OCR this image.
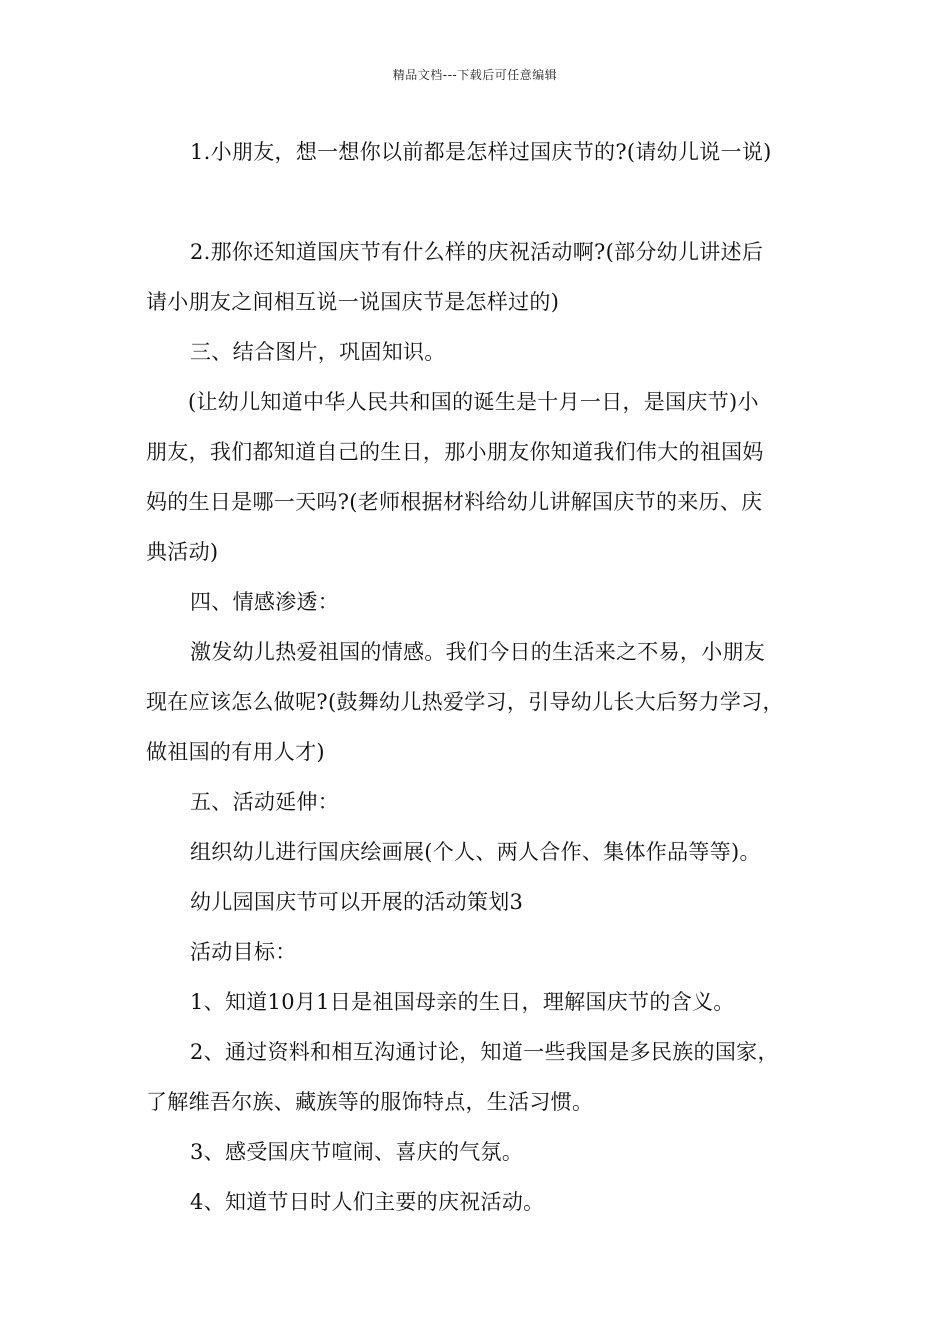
精品文档---下载后可任意编辑
1.小朋友，想一想你以前都是怎样过国庆节的?(请幼儿说一说)
2.那你还知道国庆节有什么样的庆祝活动啊?(部分幼儿讲述后
请小朋友之间相互说一说国庆节是怎样过的)
三、结合图片，巩固知识。
(让幼儿知道中华人民共和国的诞生是十月一日，是国庆节)小
朋友，我们都知道自己的生日，那小朋友你知道我们伟大的祖国妈
妈的生日是哪一天吗?(老师根据材料给幼儿讲解国庆节的来历、庆
典活动)
四、情感渗透：
激发幼儿热爱祖国的情感。我们今日的生活来之不易，小朋友
现在应该怎么做呢?(鼓舞幼儿热爱学习，引导幼儿长大后努力学习，
做祖国的有用人才)
五、活动延伸：
组织幼儿进行国庆绘画展(个人、两人合作、集体作品等等)。
幼儿园国庆节可以开展的活动策划3
活动目标：
1、知道10月1日是祖国母亲的生日，理解国庆节的含义。
2、通过资料和相互沟通讨论，知道一些我国是多民族的国家，
了解维吾尔族、藏族等的服饰特点，生活习惯。
3、感受国庆节喧闹、喜庆的气氛。
4、知道节日时人们主要的庆祝活动。
